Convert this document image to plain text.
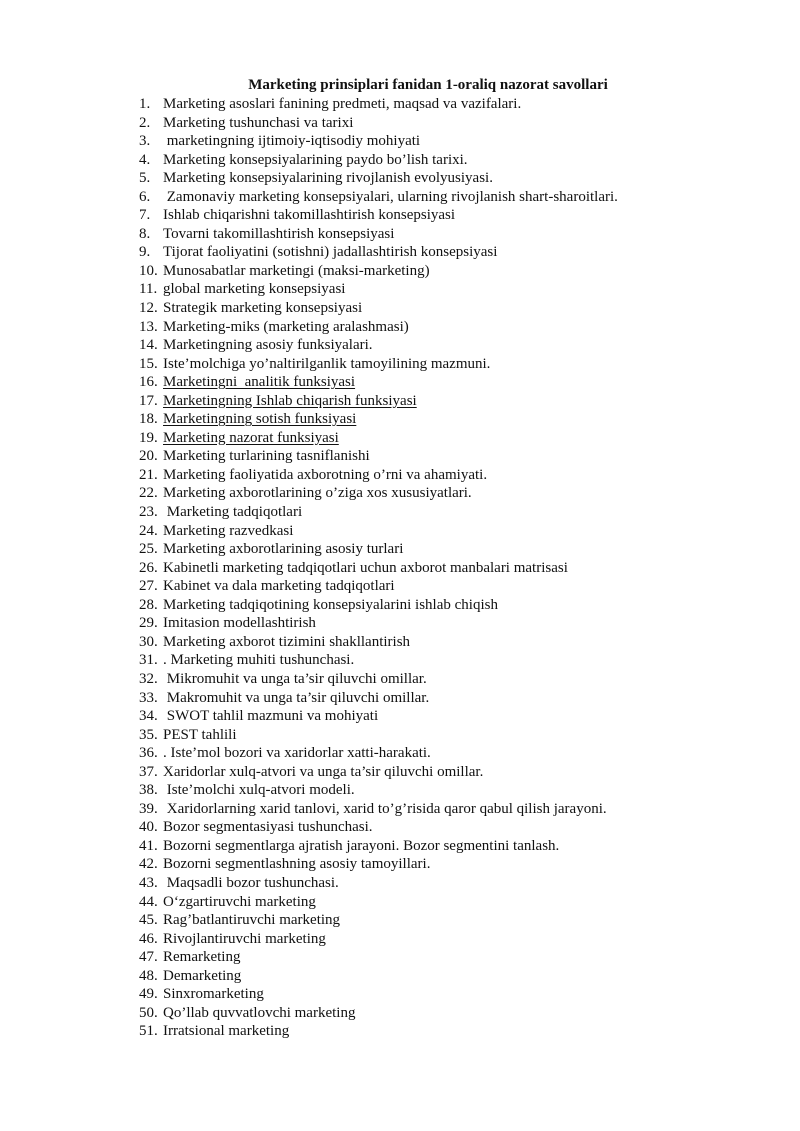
Marketing prinsiplari fanidan 1-oraliq nazorat savollari
1. Marketing asoslari fanining predmeti, maqsad va vazifalari.
2. Marketing tushunchasi va tarixi
3. marketingning ijtimoiy-iqtisodiy mohiyati
4. Marketing konsepsiyalarining paydo bo’lish tarixi.
5. Marketing konsepsiyalarining rivojlanish evolyusiyasi.
6. Zamonaviy marketing konsepsiyalari, ularning rivojlanish shart-sharoitlari.
7. Ishlab chiqarishni takomillashtirish konsepsiyasi
8. Tovarni takomillashtirish konsepsiyasi
9. Tijorat faoliyatini (sotishni) jadallashtirish konsepsiyasi
10. Munosabatlar marketingi (maksi-marketing)
11. global marketing konsepsiyasi
12. Strategik marketing konsepsiyasi
13. Marketing-miks (marketing aralashmasi)
14. Marketingning asosiy funksiyalari.
15. Iste’molchiga yo’naltirilganlik tamoyilining mazmuni.
16. Marketingni  analitik funksiyasi
17. Marketingning Ishlab chiqarish funksiyasi
18. Marketingning sotish funksiyasi
19. Marketing nazorat funksiyasi
20. Marketing turlarining tasniflanishi
21. Marketing faoliyatida axborotning o’rni va ahamiyati.
22. Marketing axborotlarining o’ziga xos xususiyatlari.
23. Marketing tadqiqotlari
24. Marketing razvedkasi
25. Marketing axborotlarining asosiy turlari
26. Kabinetli marketing tadqiqotlari uchun axborot manbalari matrisasi
27. Kabinet va dala marketing tadqiqotlari
28. Marketing tadqiqotining konsepsiyalarini ishlab chiqish
29. Imitasion modellashtirish
30. Marketing axborot tizimini shakllantirish
31. . Marketing muhiti tushunchasi.
32. Mikromuhit va unga ta’sir qiluvchi omillar.
33. Makromuhit va unga ta’sir qiluvchi omillar.
34. SWOT tahlil mazmuni va mohiyati
35. PEST tahlili
36. . Iste’mol bozori va xaridorlar xatti-harakati.
37. Xaridorlar xulq-atvori va unga ta’sir qiluvchi omillar.
38. Iste’molchi xulq-atvori modeli.
39. Xaridorlarning xarid tanlovi, xarid to’g’risida qaror qabul qilish jarayoni.
40. Bozor segmentasiyasi tushunchasi.
41. Bozorni segmentlarga ajratish jarayoni. Bozor segmentini tanlash.
42. Bozorni segmentlashning asosiy tamoyillari.
43. Maqsadli bozor tushunchasi.
44. O‘zgartiruvchi marketing
45. Rag’batlantiruvchi marketing
46. Rivojlantiruvchi marketing
47. Remarketing
48. Demarketing
49. Sinxromarketing
50. Qo’llab quvvatlovchi marketing
51. Irratsional marketing
